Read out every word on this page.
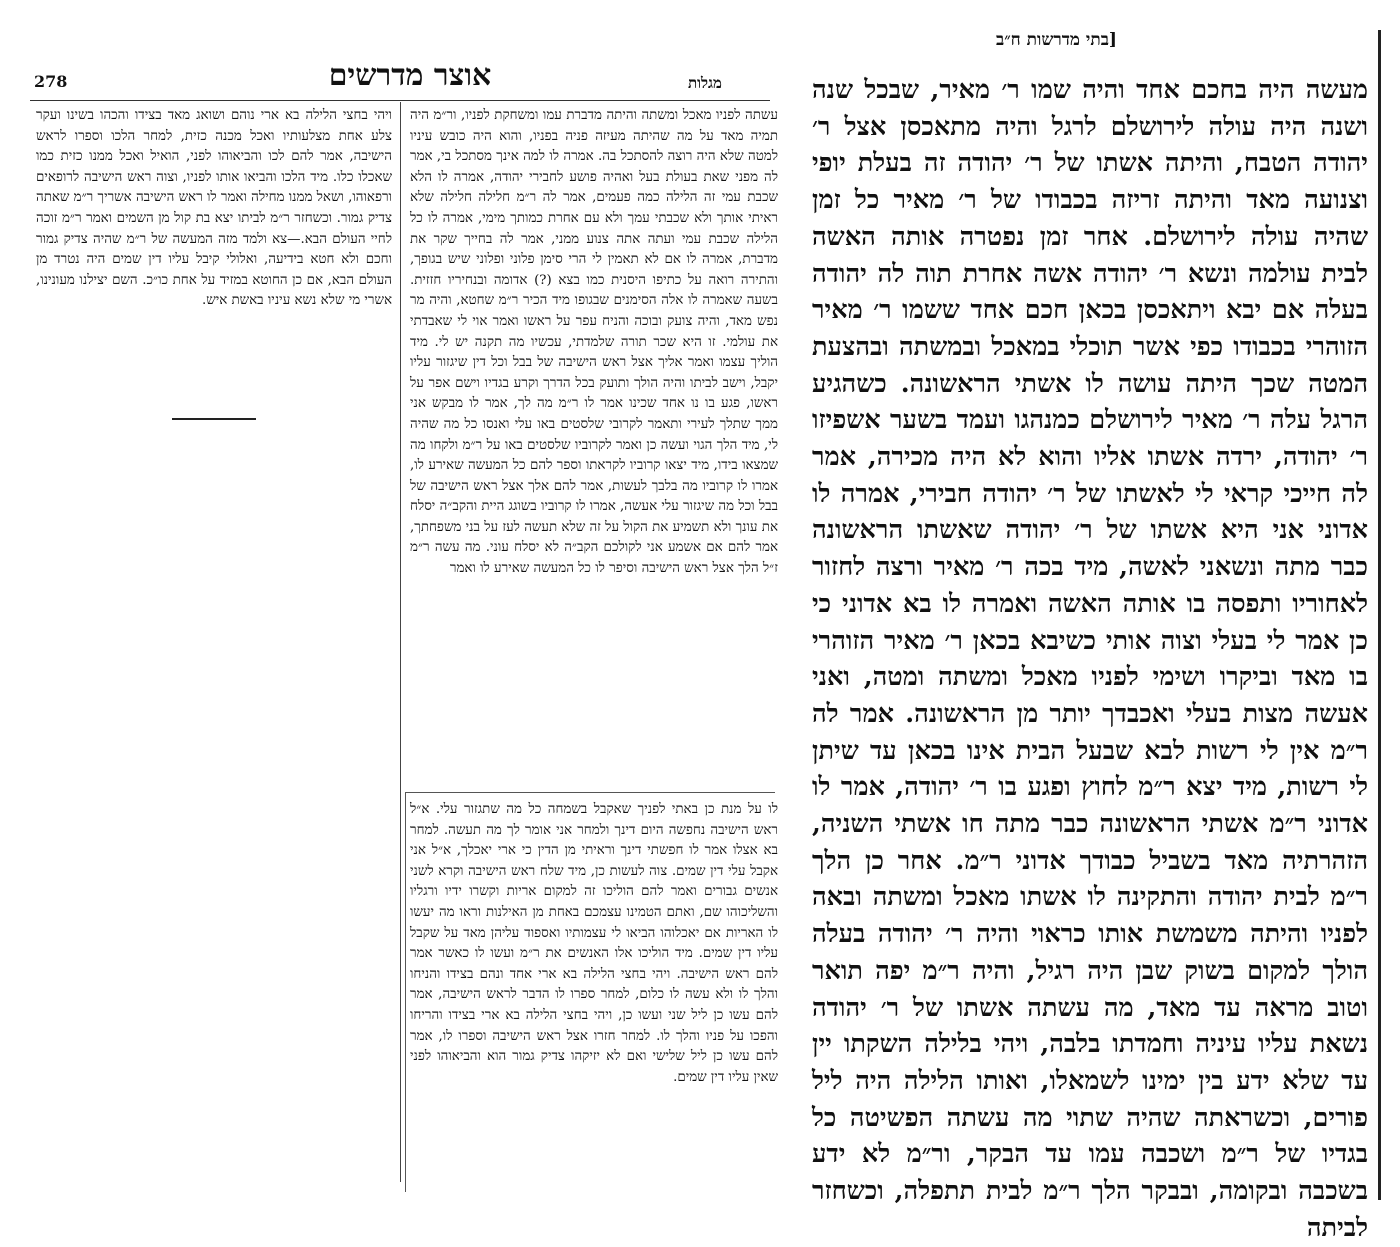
278	אוצר מדרשים	מגלות

ויהי בחצי הלילה בא ארי נוהם ושואג מאד בצידו והכהו בשינו ועקר צלע אחת מצלעותיו ואכל מכנה כזית, למחר הלכו וספרו לראש הישיבה, אמר להם לכו והביאוהו לפני, הואיל ואכל ממנו כזית כמו שאכלו כלו. מיד הלכו והביאו אותו לפניו, וצוה ראש הישיבה לרופאים ורפאוהו, ושאל ממנו מחילה ואמר לו ראש הישיבה אשריך ר״מ שאתה צדיק גמור. וכשחזר ר״מ לביתו יצא בת קול מן השמים ואמר ר״מ זוכה לחיי העולם הבא.—צא ולמד מזה המעשה של ר״מ שהיה צדיק גמור וחכם ולא חטא בידיעה, ואלולי קיבל עליו דין שמים היה נטרד מן העולם הבא, אם כן החוטא במזיד על אחת כו״כ. השם יצילנו מעונינו, אשרי מי שלא נשא עיניו באשת איש.

עשתה לפניו מאכל ומשתה והיתה מדברת עמו ומשחקת לפניו, ור״מ היה תמיה מאד על מה שהיתה מעיזה פניה בפניו, והוא היה כובש עיניו למטה שלא היה רוצה להסתכל בה. אמרה לו למה אינך מסתכל בי, אמר לה מפני שאת בעולת בעל ואהיה פושע לחבירי יהודה, אמרה לו הלא שכבת עמי זה הלילה כמה פעמים, אמר לה ר״מ חלילה חלילה שלא ראיתי אותך ולא שכבתי עמך ולא עם אחרת כמותך מימי, אמרה לו כל הלילה שכבת עמי ועתה אתה צנוע ממני, אמר לה בחייך שקר את מדברת, אמרה לו אם לא תאמין לי הרי סימן פלוני ופלוני שיש בגופך, והתירה רואה על כתיפו היסנית כמו בצא (?) אדומה ובנחיריו חזזית. בשעה שאמרה לו אלה הסימנים שבגופו מיד הכיר ר״מ שחטא, והיה מר נפש מאד, והיה צועק ובוכה והניח עפר על ראשו ואמר אוי לי שאבדתי את עולמי. זו היא שכר תורה שלמדתי, עכשיו מה תקנה יש לי. מיד הוליך עצמו ואמר אליך אצל ראש הישיבה של בבל וכל דין שיגזור עליו יקבל, וישב לביתו והיה הולך ותועק בכל הדרך וקרע בגדיו וישם אפר על ראשו, פגע בו נו אחד שכינו אמר לו ר״מ מה לך, אמר לו מבקש אני ממך שתלך לעירי ותאמר לקרובי שלסטים באו עלי ואנסו כל מה שהיה לי, מיד הלך הגוי ועשה כן ואמר לקרוביו שלסטים באו על ר״מ ולקחו מה שמצאו בידו, מיד יצאו קרוביו לקראתו וספר להם כל המעשה שאירע לו, אמרו לו קרוביו מה בלבך לעשות, אמר להם אלך אצל ראש הישיבה של בבל וכל מה שיגזור עלי אעשה, אמרו לו קרוביו בשוגג היית והקב״ה יסלח את עונך ולא תשמיע את הקול על זה שלא תעשה לעז על בני משפחתך, אמר להם אם אשמע אני לקולכם הקב״ה לא יסלח עוני. מה עשה ר״מ ז״ל הלך אצל ראש הישיבה וסיפר לו כל המעשה שאירע לו ואמר

לו על מנת כן באתי לפניך שאקבל בשמחה כל מה שתגזור עלי. א״ל ראש הישיבה נחפשה היום דינך ולמחר אני אומר לך מה תעשה. למחר בא אצלו אמר לו חפשתי דינך וראיתי מן הדין כי ארי יאכלך, א״ל אני אקבל עלי דין שמים. צוה לעשות כן, מיד שלח ראש הישיבה וקרא לשני אנשים גבורים ואמר להם הוליכו זה למקום אריות וקשרו ידיו ורגליו והשליכוהו שם, ואתם הטמינו עצמכם באחת מן האילנות וראו מה יעשו לו האריות אם יאכלוהו הביאו לי עצמותיו ואספוד עליהן מאד על שקבל עליו דין שמים. מיד הוליכו אלו האנשים את ר״מ ועשו לו כאשר אמר להם ראש הישיבה. ויהי בחצי הלילה בא ארי אחד ונהם בצידו והניחו והלך לו ולא עשה לו כלום, למחר ספרו לו הדבר לראש הישיבה, אמר להם עשו כן ליל שני ועשו כן, ויהי בחצי הלילה בא ארי בצידו והריחו והפכו על פניו והלך לו. למחר חזרו אצל ראש הישיבה וספרו לו, אמר להם עשו כן ליל שלישי ואם לא יזיקהו צדיק גמור הוא והביאוהו לפני שאין עליו דין שמים.

[בתי מדרשות ח״ב

מעשה היה בחכם אחד והיה שמו ר׳ מאיר, שבכל שנה ושנה היה עולה לירושלם לרגל והיה מתאכסן אצל ר׳ יהודה הטבח, והיתה אשתו של ר׳ יהודה זה בעלת יופי וצנועה מאד והיתה זריזה בכבודו של ר׳ מאיר כל זמן שהיה עולה לירושלם. אחר זמן נפטרה אותה האשה לבית עולמה ונשא ר׳ יהודה אשה אחרת תוה לה יהודה בעלה אם יבא ויתאכסן בכאן חכם אחד ששמו ר׳ מאיר הזוהרי בכבודו כפי אשר תוכלי במאכל ובמשתה ובהצעת המטה שכך היתה עושה לו אשתי הראשונה. כשהגיע הרגל עלה ר׳ מאיר לירושלם כמנהגו ועמד בשער אשפיזו ר׳ יהודה, ירדה אשתו אליו והוא לא היה מכירה, אמר לה חייכי קראי לי לאשתו של ר׳ יהודה חבירי, אמרה לו אדוני אני היא אשתו של ר׳ יהודה שאשתו הראשונה כבר מתה ונשאני לאשה, מיד בכה ר׳ מאיר ורצה לחזור לאחוריו ותפסה בו אותה האשה ואמרה לו בא אדוני כי כן אמר לי בעלי וצוה אותי כשיבא בכאן ר׳ מאיר הזוהרי בו מאד וביקרו ושימי לפניו מאכל ומשתה ומטה, ואני אעשה מצות בעלי ואכבדך יותר מן הראשונה. אמר לה ר״מ אין לי רשות לבא שבעל הבית אינו בכאן עד שיתן לי רשות, מיד יצא ר״מ לחוץ ופגע בו ר׳ יהודה, אמר לו אדוני ר״מ אשתי הראשונה כבר מתה חו אשתי השניה, הזהרתיה מאד בשביל כבודך אדוני ר״מ. אחר כן הלך ר״מ לבית יהודה והתקינה לו אשתו מאכל ומשתה ובאה לפניו והיתה משמשת אותו כראוי והיה ר׳ יהודה בעלה הולך למקום בשוק שבן היה רגיל, והיה ר״מ יפה תואר וטוב מראה עד מאד, מה עשתה אשתו של ר׳ יהודה נשאת עליו עיניה וחמדתו בלבה, ויהי בלילה השקתו יין עד שלא ידע בין ימינו לשמאלו, ואותו הלילה היה ליל פורים, וכשראתה שהיה שתוי מה עשתה הפשיטה כל בגדיו של ר״מ ושכבה עמו עד הבקר, ור״מ לא ידע בשכבה ובקומה, ובבקר הלך ר״מ לבית תתפלה, וכשחזר לביתה
